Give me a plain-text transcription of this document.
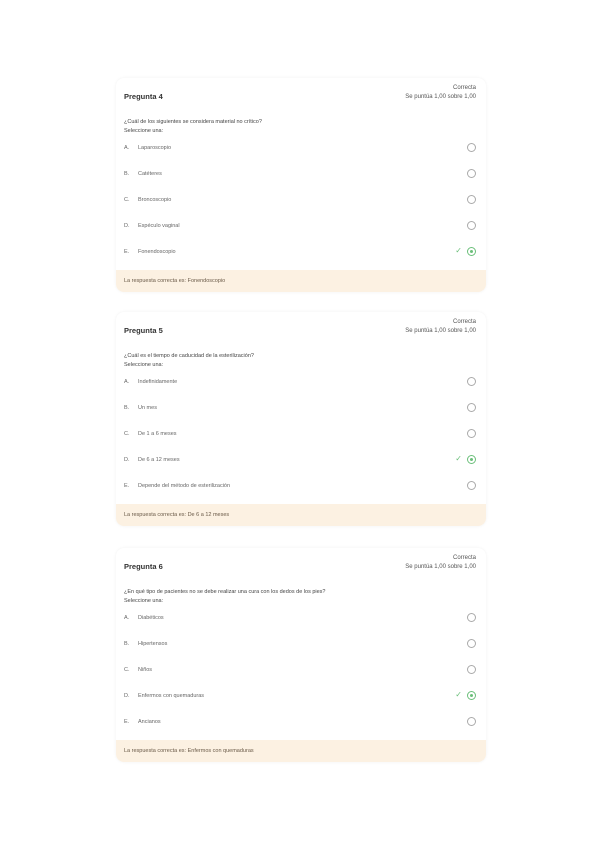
Pregunta 4
Correcta
Se puntúa 1,00 sobre 1,00
¿Cuál de los siguientes se considera material no crítico?
Seleccione una:
A. Laparoscopio
B. Catéteres
C. Broncoscopio
D. Espéculo vaginal
E. Fonendoscopio	✓
La respuesta correcta es: Fonendoscopio
Pregunta 5
Correcta
Se puntúa 1,00 sobre 1,00
¿Cuál es el tiempo de caducidad de la esterilización?
Seleccione una:
A. Indefinidamente
B. Un mes
C. De 1 a 6 meses
D. De 6 a 12 meses	✓
E. Depende del método de esterilización
La respuesta correcta es: De 6 a 12 meses
Pregunta 6
Correcta
Se puntúa 1,00 sobre 1,00
¿En qué tipo de pacientes no se debe realizar una cura con los dedos de los pies?
Seleccione una:
A. Diabéticos
B. Hipertensos
C. Niños
D. Enfermos con quemaduras	✓
E. Ancianos
La respuesta correcta es: Enfermos con quemaduras
